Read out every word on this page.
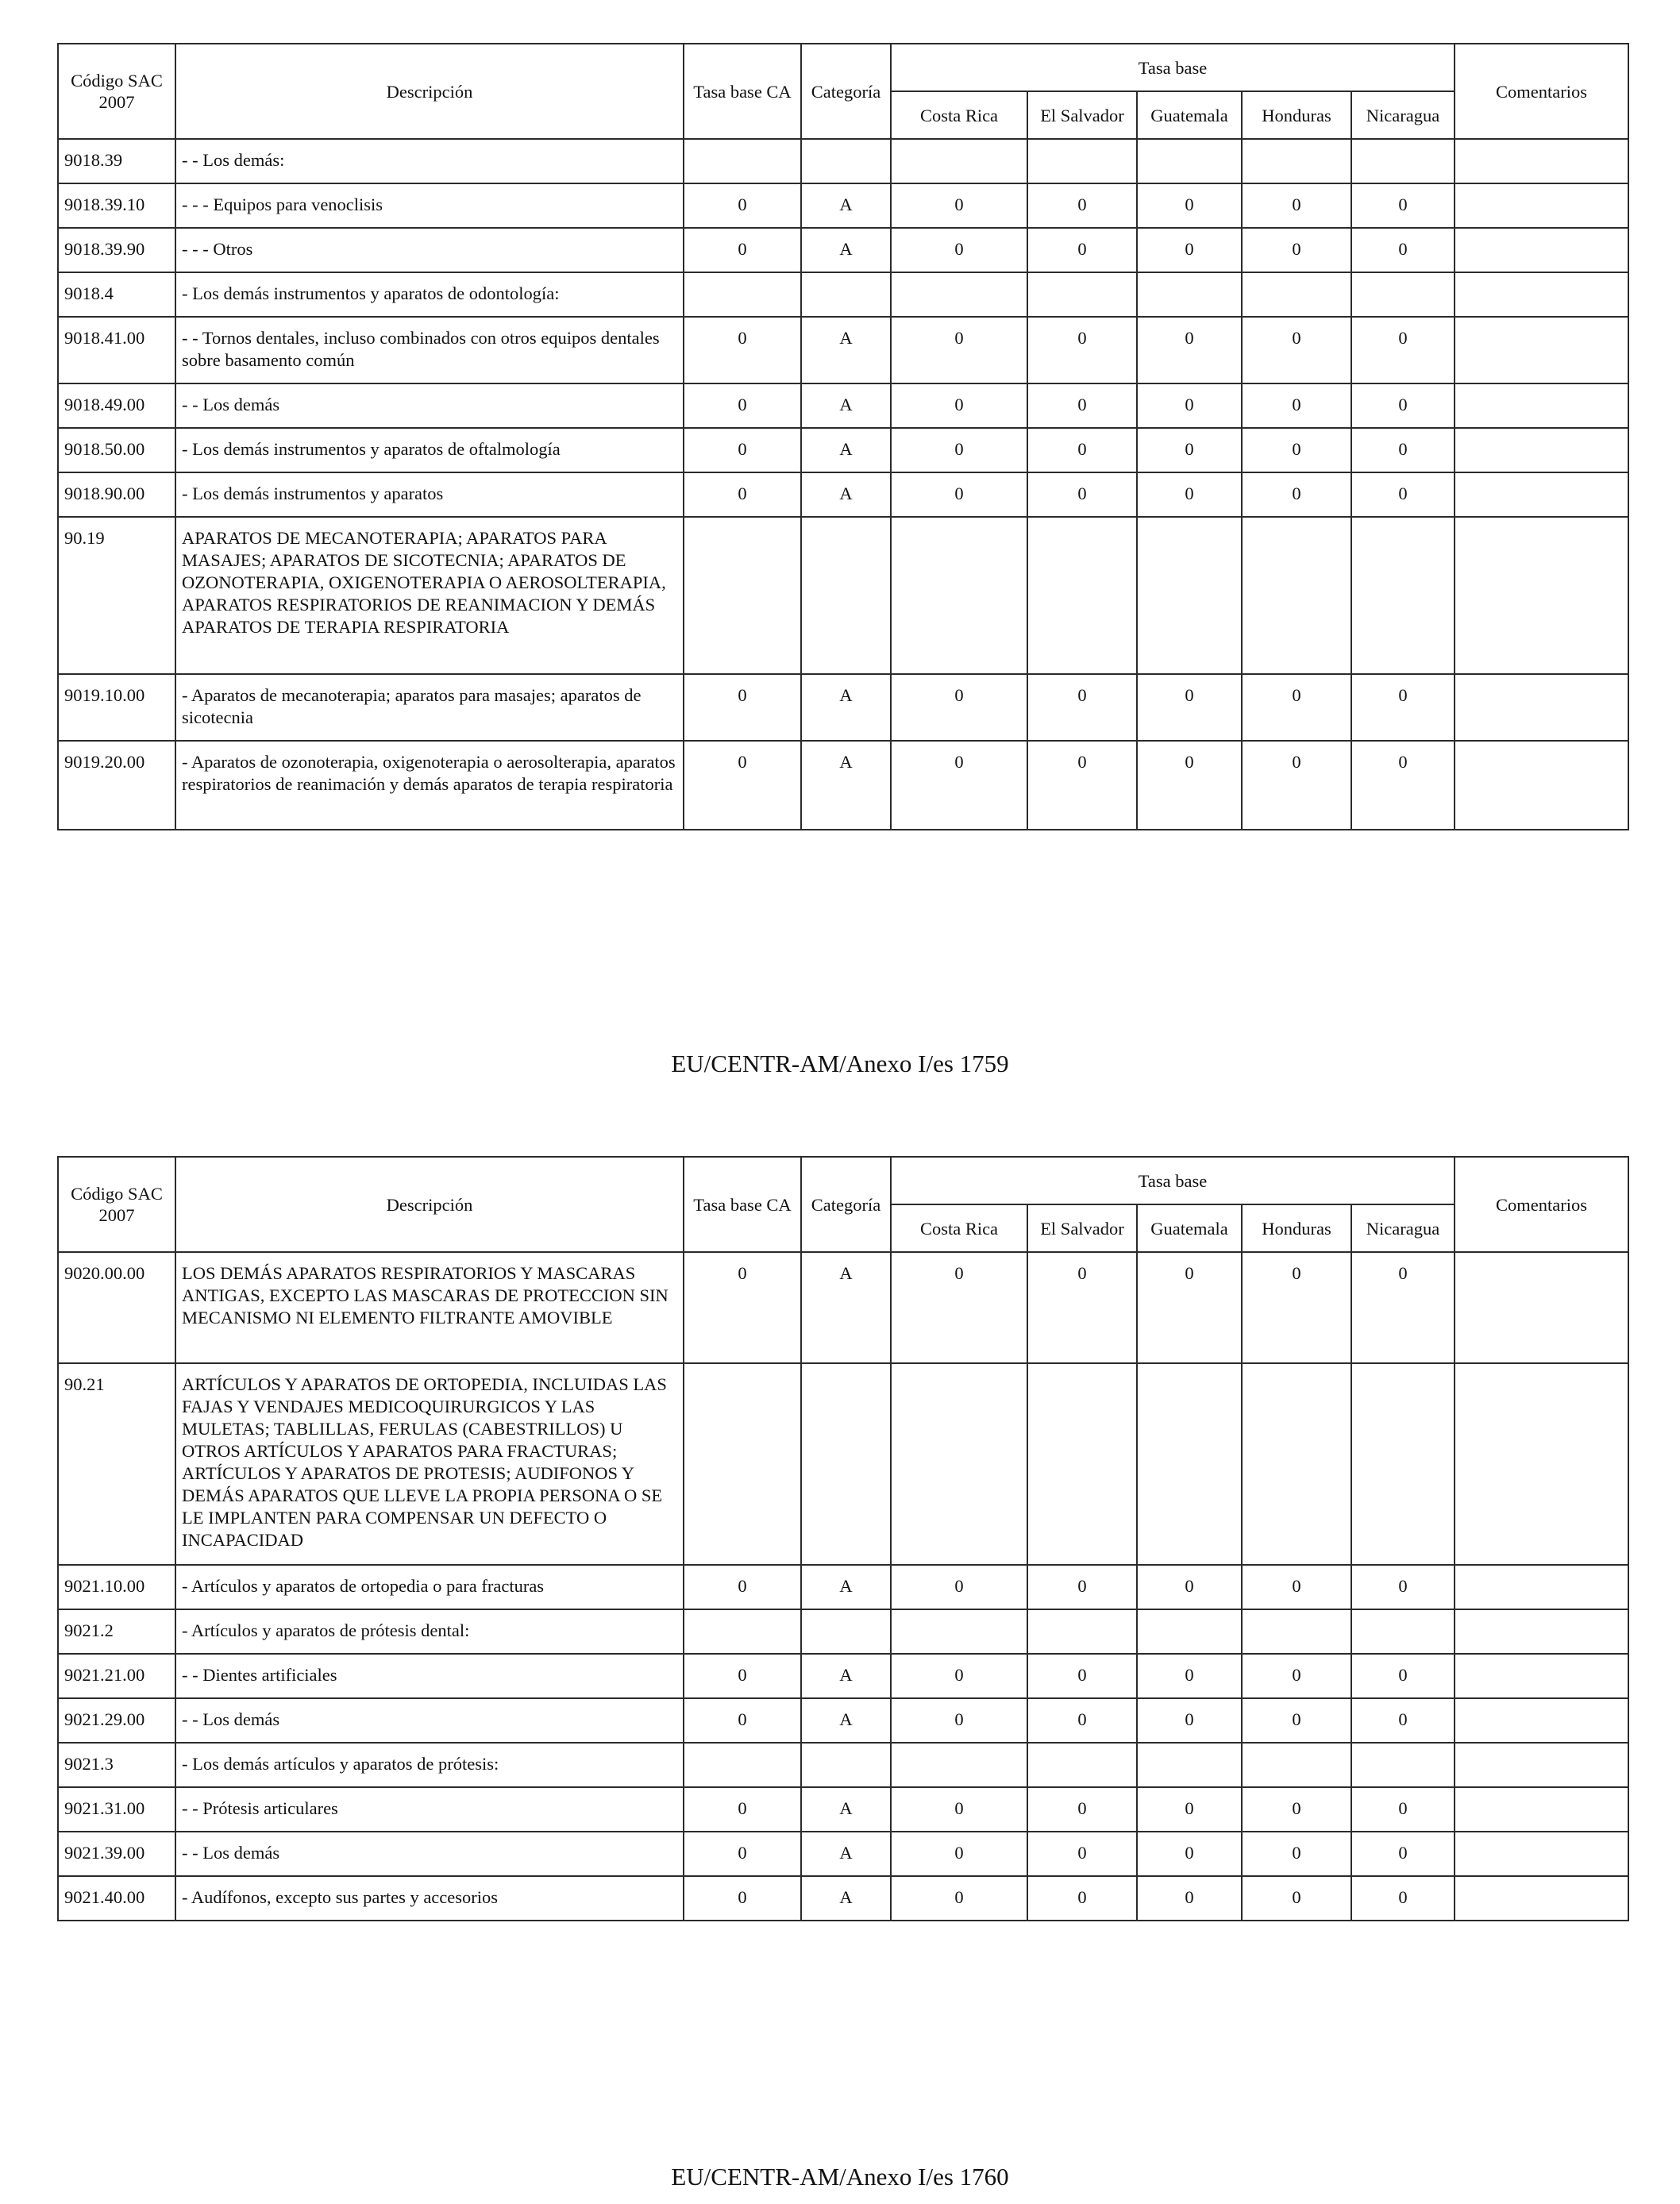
Código SAC 2007	Descripción	Tasa base CA	Categoría	Tasa base					Comentarios
				Costa Rica	El Salvador	Guatemala	Honduras	Nicaragua	
9018.39	- - Los demás:								
9018.39.10	- - - Equipos para venoclisis	0	A	0	0	0	0	0	
9018.39.90	- - - Otros	0	A	0	0	0	0	0	
9018.4	- Los demás instrumentos y aparatos de odontología:								
9018.41.00	- - Tornos dentales, incluso combinados con otros equipos dentales sobre basamento común	0	A	0	0	0	0	0	
9018.49.00	- - Los demás	0	A	0	0	0	0	0	
9018.50.00	- Los demás instrumentos y aparatos de oftalmología	0	A	0	0	0	0	0	
9018.90.00	- Los demás instrumentos y aparatos	0	A	0	0	0	0	0	
90.19	APARATOS DE MECANOTERAPIA; APARATOS PARA MASAJES; APARATOS DE SICOTECNIA; APARATOS DE OZONOTERAPIA, OXIGENOTERAPIA O AEROSOLTERAPIA, APARATOS RESPIRATORIOS DE REANIMACION Y DEMÁS APARATOS DE TERAPIA RESPIRATORIA								
9019.10.00	- Aparatos de mecanoterapia; aparatos para masajes; aparatos de sicotecnia	0	A	0	0	0	0	0	
9019.20.00	- Aparatos de ozonoterapia, oxigenoterapia o aerosolterapia, aparatos respiratorios de reanimación y demás aparatos de terapia respiratoria	0	A	0	0	0	0	0	
EU/CENTR-AM/Anexo I/es 1759
Código SAC 2007	Descripción	Tasa base CA	Categoría	Tasa base					Comentarios
				Costa Rica	El Salvador	Guatemala	Honduras	Nicaragua	
9020.00.00	LOS DEMÁS APARATOS RESPIRATORIOS Y MASCARAS ANTIGAS, EXCEPTO LAS MASCARAS DE PROTECCION SIN MECANISMO NI ELEMENTO FILTRANTE AMOVIBLE	0	A	0	0	0	0	0	
90.21	ARTÍCULOS Y APARATOS DE ORTOPEDIA, INCLUIDAS LAS FAJAS Y VENDAJES MEDICOQUIRURGICOS Y LAS MULETAS; TABLILLAS, FERULAS (CABESTRILLOS) U OTROS ARTÍCULOS Y APARATOS PARA FRACTURAS; ARTÍCULOS Y APARATOS DE PROTESIS; AUDIFONOS Y DEMÁS APARATOS QUE LLEVE LA PROPIA PERSONA O SE LE IMPLANTEN PARA COMPENSAR UN DEFECTO O INCAPACIDAD								
9021.10.00	- Artículos y aparatos de ortopedia o para fracturas	0	A	0	0	0	0	0	
9021.2	- Artículos y aparatos de prótesis dental:								
9021.21.00	- - Dientes artificiales	0	A	0	0	0	0	0	
9021.29.00	- - Los demás	0	A	0	0	0	0	0	
9021.3	- Los demás artículos y aparatos de prótesis:								
9021.31.00	- - Prótesis articulares	0	A	0	0	0	0	0	
9021.39.00	- - Los demás	0	A	0	0	0	0	0	
9021.40.00	- Audífonos, excepto sus partes y accesorios	0	A	0	0	0	0	0	
EU/CENTR-AM/Anexo I/es 1760
